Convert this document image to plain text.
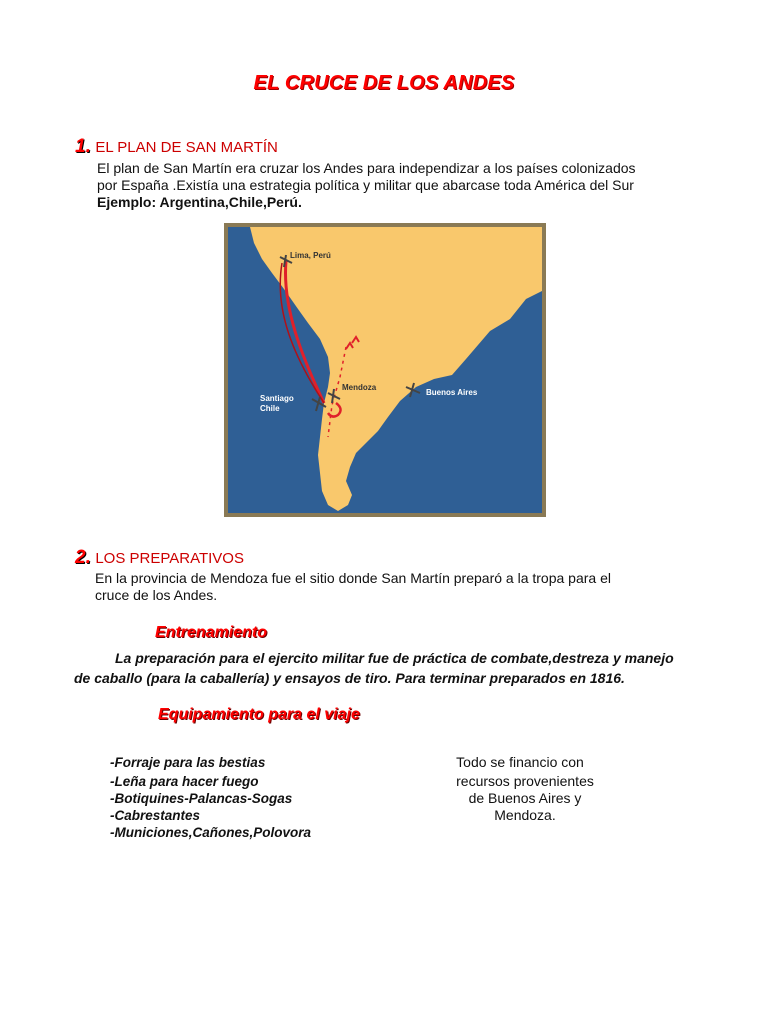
EL CRUCE DE LOS ANDES
1. EL PLAN DE SAN MARTÍN
El plan de San Martín era cruzar los Andes para independizar a los países colonizados
por España .Existía una estrategia política y militar que abarcase toda América del Sur
Ejemplo: Argentina,Chile,Perú.
Lima, Perú
Mendoza
Buenos Aires
Santiago
Chile
2. LOS PREPARATIVOS
En la provincia de Mendoza fue el sitio donde San Martín preparó a la tropa para el
cruce de los Andes.
Entrenamiento
La preparación para el ejercito militar fue de práctica de combate,destreza y manejo
de caballo (para la caballería) y ensayos de tiro. Para terminar preparados en 1816.
Equipamiento para el viaje
-Forraje para las bestias
-Leña para hacer fuego
-Botiquines-Palancas-Sogas
-Cabrestantes
-Municiones,Cañones,Polovora
Todo se financio con
recursos provenientes
de Buenos Aires y
Mendoza.
